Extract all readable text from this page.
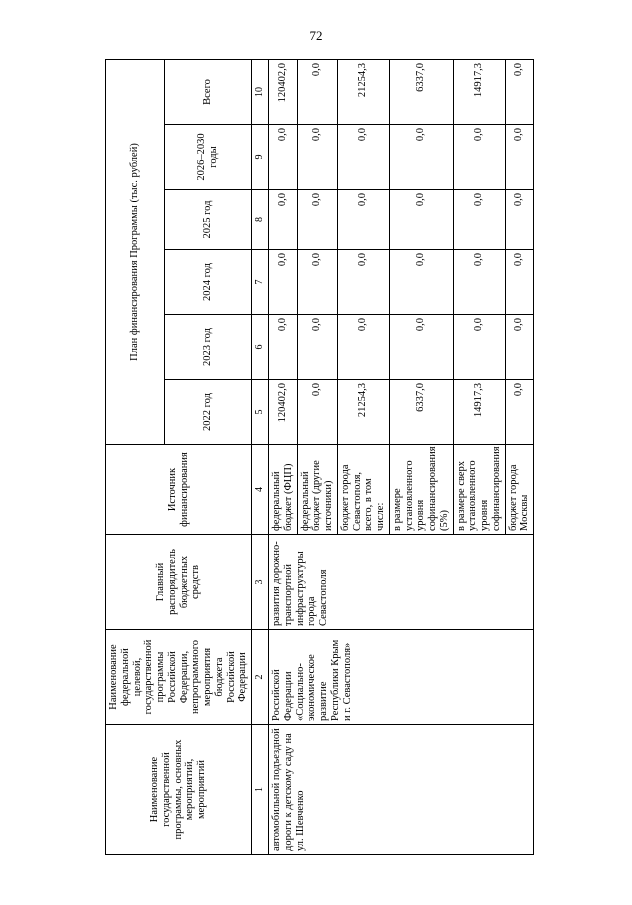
72
Наименование государственной программы, основных мероприятий, мероприятий	Наименование федеральной целевой, государственной программы Российской Федерации, непрограммного мероприятия бюджета Российской Федерации	Главный распорядитель бюджетных средств	Источник финансирования	План финансирования Программы (тыс. рублей)					
				2022 год	2023 год	2024 год	2025 год	2026–2030 годы	Всего
1	2	3	4	5	6	7	8	9	10
автомобильной подъездной дороги к детскому саду на ул. Шевченко	Российской Федерации «Социально-экономическое развитие Республики Крым и г. Севастополя»	развития дорожно-транспортной инфраструктуры города Севастополя	федеральный бюджет (ФЦП)	120402,0	0,0	0,0	0,0	0,0	120402,0
			федеральный бюджет (другие источники)	0,0	0,0	0,0	0,0	0,0	0,0
			бюджет города Севастополя, всего, в том числе:	21254,3	0,0	0,0	0,0	0,0	21254,3
			в размере установленного уровня софинансирования (5%)	6337,0	0,0	0,0	0,0	0,0	6337,0
			в размере сверх установленного уровня софинансирования	14917,3	0,0	0,0	0,0	0,0	14917,3
			бюджет города Москвы	0,0	0,0	0,0	0,0	0,0	0,0
